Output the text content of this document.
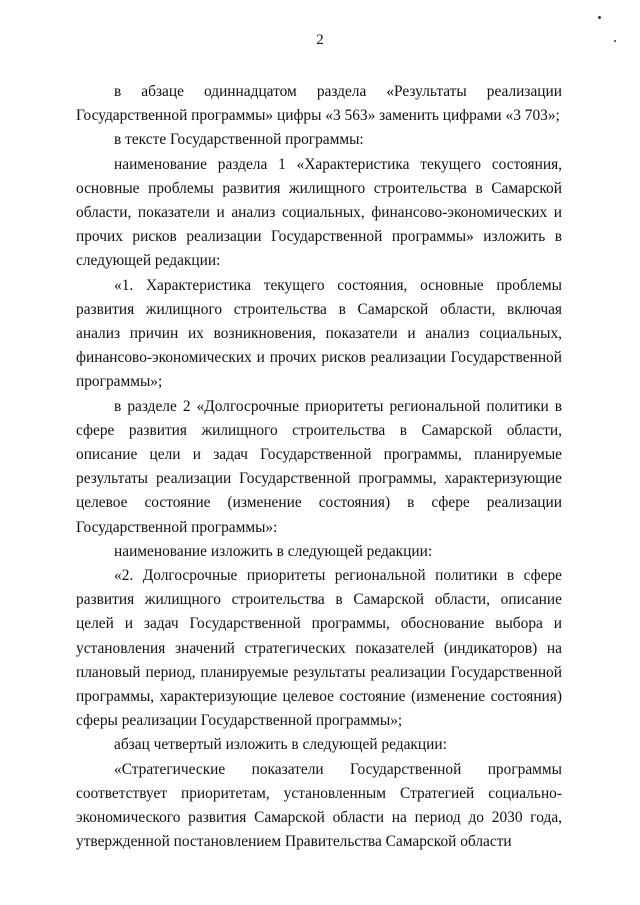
2

в абзаце одиннадцатом раздела «Результаты реализации Государственной программы» цифры «3 563» заменить цифрами «3 703»;

в тексте Государственной программы:

наименование раздела 1 «Характеристика текущего состояния, основные проблемы развития жилищного строительства в Самарской области, показатели и анализ социальных, финансово-экономических и прочих рисков реализации Государственной программы» изложить в следующей редакции:

«1. Характеристика текущего состояния, основные проблемы развития жилищного строительства в Самарской области, включая анализ причин их возникновения, показатели и анализ социальных, финансово-экономических и прочих рисков реализации Государственной программы»;

в разделе 2 «Долгосрочные приоритеты региональной политики в сфере развития жилищного строительства в Самарской области, описание цели и задач Государственной программы, планируемые результаты реализации Государственной программы, характеризующие целевое состояние (изменение состояния) в сфере реализации Государственной программы»:

наименование изложить в следующей редакции:

«2. Долгосрочные приоритеты региональной политики в сфере развития жилищного строительства в Самарской области, описание целей и задач Государственной программы, обоснование выбора и установления значений стратегических показателей (индикаторов) на плановый период, планируемые результаты реализации Государственной программы, характеризующие целевое состояние (изменение состояния) сферы реализации Государственной программы»;

абзац четвертый изложить в следующей редакции:

«Стратегические показатели Государственной программы соответствует приоритетам, установленным Стратегией социально-экономического развития Самарской области на период до 2030 года, утвержденной постановлением Правительства Самарской области
